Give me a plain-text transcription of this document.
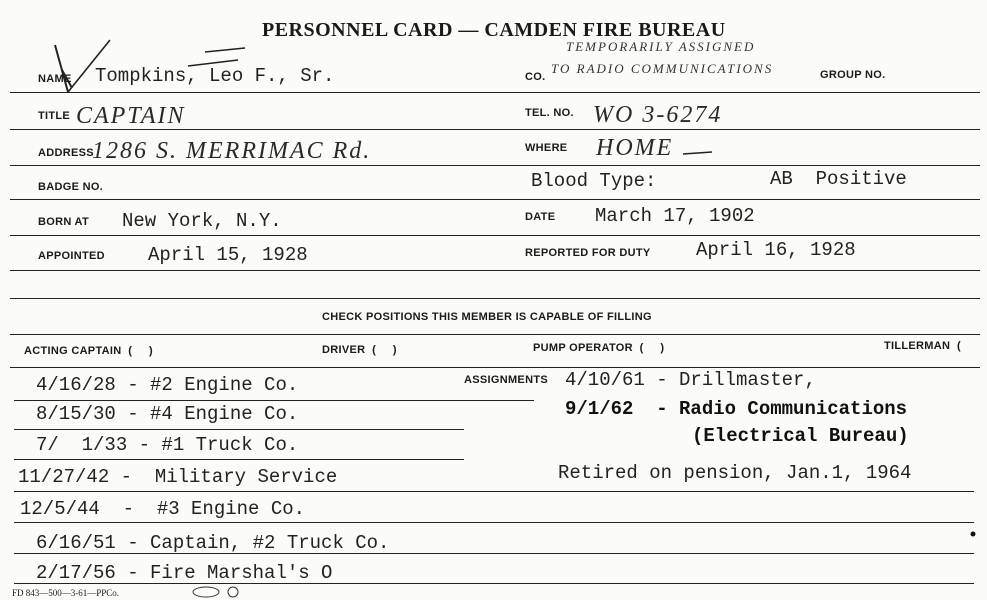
PERSONNEL CARD — CAMDEN FIRE BUREAU
NAME Tompkins, Leo F., Sr.	CO.
TEMPORARILY ASSIGNED
TO RADIO COMMUNICATIONS	GROUP NO.
TITLE CAPTAIN	TEL. NO. WO 3-6274
ADDRESS
1286 S. MERRIMAC Rd.	WHERE HOME
BADGE NO.	Blood Type:	AB  Positive
BORN AT New York, N.Y.	DATE March 17, 1902
APPOINTED April 15, 1928	REPORTED FOR DUTY April 16, 1928
CHECK POSITIONS THIS MEMBER IS CAPABLE OF FILLING
ACTING CAPTAIN  (     )	DRIVER  (     )	PUMP OPERATOR  (     )	TILLERMAN  (
ASSIGNMENTS
4/16/28 - #2 Engine Co.
8/15/30 - #4 Engine Co.
7/  1/33 - #1 Truck Co.
11/27/42 -  Military Service
12/5/44  -  #3 Engine Co.
6/16/51 - Captain, #2 Truck Co.
2/17/56 - Fire Marshal's O
4/10/61 - Drillmaster,
9/1/62  - Radio Communications
(Electrical Bureau)
Retired on pension, Jan.1, 1964
FD 843—500—3-61—PPCo.
